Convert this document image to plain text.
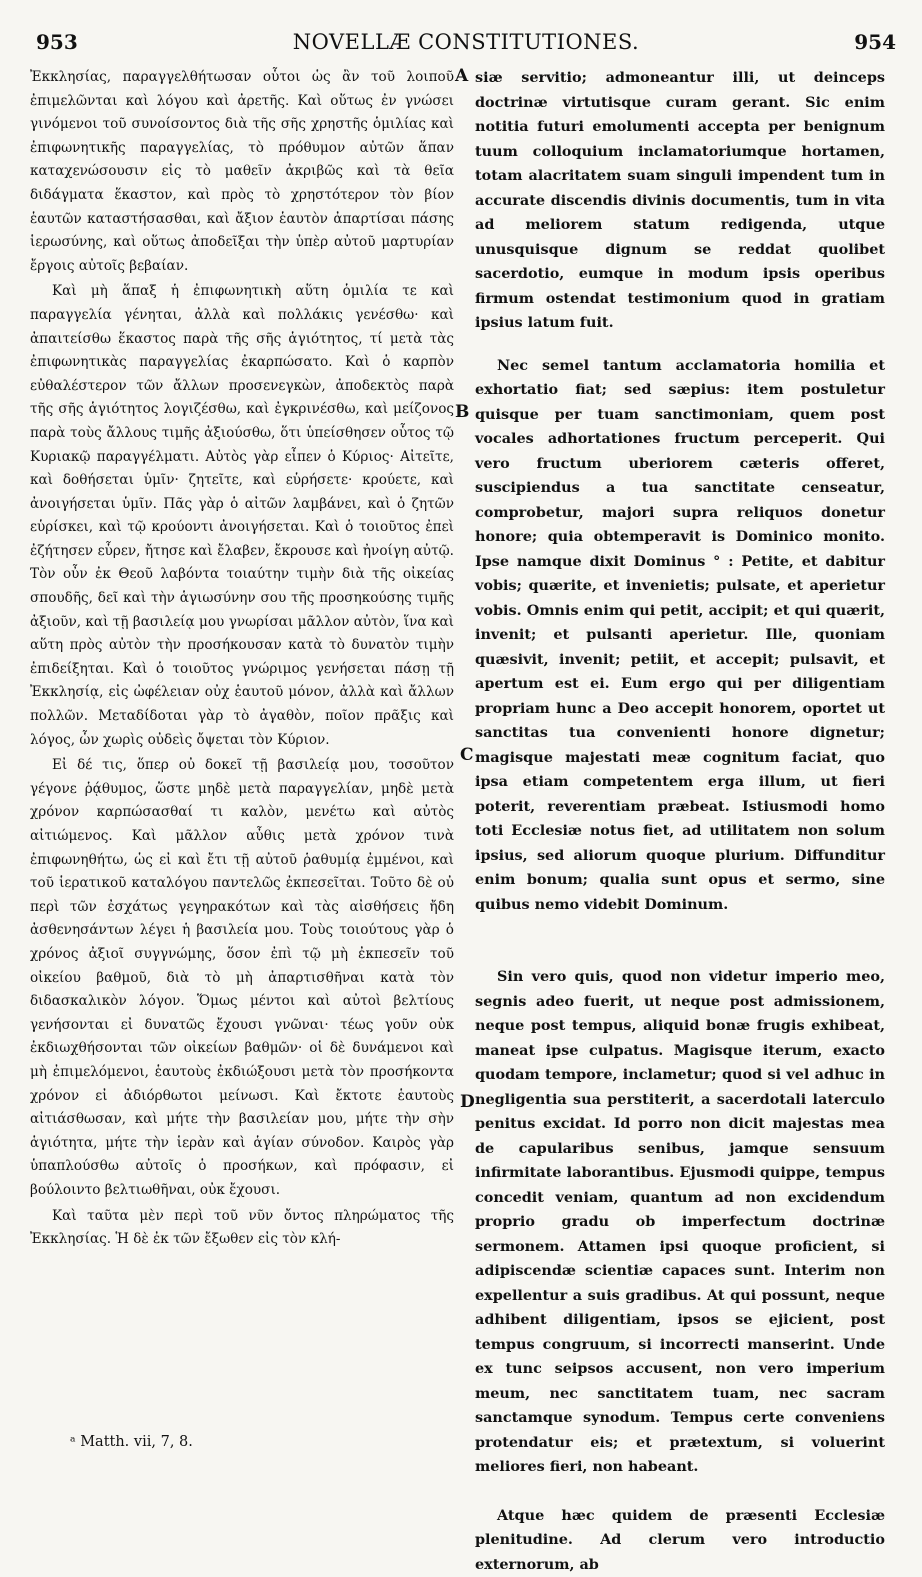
953	NOVELLÆ CONSTITUTIONES.	954

Ἐκκλησίας, παραγγελθήτωσαν οὗτοι ὡς ἂν τοῦ λοιποῦ ἐπιμελῶνται καὶ λόγου καὶ ἀρετῆς. Καὶ οὕτως ἐν γνώσει γινόμενοι τοῦ συνοίσοντος διὰ τῆς σῆς χρηστῆς ὁμιλίας καὶ ἐπιφωνητικῆς παραγγελίας, τὸ πρόθυμον αὐτῶν ἅπαν καταχενώσουσιν εἰς τὸ μαθεῖν ἀκριβῶς καὶ τὰ θεῖα διδάγματα ἕκαστον, καὶ πρὸς τὸ χρηστότερον τὸν βίον ἑαυτῶν καταστήσασθαι, καὶ ἄξιον ἑαυτὸν ἀπαρτίσαι πάσης ἱερωσύνης, καὶ οὕτως ἀποδεῖξαι τὴν ὑπὲρ αὐτοῦ μαρτυρίαν ἔργοις αὐτοῖς βεβαίαν.

Καὶ μὴ ἅπαξ ἡ ἐπιφωνητικὴ αὕτη ὁμιλία τε καὶ παραγγελία γένηται, ἀλλὰ καὶ πολλάκις γενέσθω· καὶ ἀπαιτείσθω ἕκαστος παρὰ τῆς σῆς ἁγιότητος, τί μετὰ τὰς ἐπιφωνητικὰς παραγγελίας ἐκαρπώσατο. Καὶ ὁ καρπὸν εὐθαλέστερον τῶν ἄλλων προσενεγκὼν, ἀποδεκτὸς παρὰ τῆς σῆς ἁγιότητος λογιζέσθω, καὶ ἐγκρινέσθω, καὶ μείζονος παρὰ τοὺς ἄλλους τιμῆς ἀξιούσθω, ὅτι ὑπείσθησεν οὗτος τῷ Κυριακῷ παραγγέλματι. Αὐτὸς γὰρ εἶπεν ὁ Κύριος· Αἰτεῖτε, καὶ δοθήσεται ὑμῖν· ζητεῖτε, καὶ εὑρήσετε· κρούετε, καὶ ἀνοιγήσεται ὑμῖν. Πᾶς γὰρ ὁ αἰτῶν λαμβάνει, καὶ ὁ ζητῶν εὑρίσκει, καὶ τῷ κρούοντι ἀνοιγήσεται. Καὶ ὁ τοιοῦτος ἐπεὶ ἐζήτησεν εὗρεν, ἤτησε καὶ ἔλαβεν, ἔκρουσε καὶ ἠνοίγη αὐτῷ. Τὸν οὖν ἐκ Θεοῦ λαβόντα τοιαύτην τιμὴν διὰ τῆς οἰκείας σπουδῆς, δεῖ καὶ τὴν ἁγιωσύνην σου τῆς προσηκούσης τιμῆς ἀξιοῦν, καὶ τῇ βασιλείᾳ μου γνωρίσαι μᾶλλον αὐτὸν, ἵνα καὶ αὕτη πρὸς αὐτὸν τὴν προσήκουσαν κατὰ τὸ δυνατὸν τιμὴν ἐπιδείξηται. Καὶ ὁ τοιοῦτος γνώριμος γενήσεται πάσῃ τῇ Ἐκκλησίᾳ, εἰς ὠφέλειαν οὐχ ἑαυτοῦ μόνον, ἀλλὰ καὶ ἄλλων πολλῶν. Μεταδίδοται γὰρ τὸ ἀγαθὸν, ποῖον πρᾶξις καὶ λόγος, ὧν χωρὶς οὐδεὶς ὄψεται τὸν Κύριον.

Εἰ δέ τις, ὅπερ οὐ δοκεῖ τῇ βασιλείᾳ μου, τοσοῦτον γέγονε ῥᾴθυμος, ὥστε μηδὲ μετὰ παραγγελίαν, μηδὲ μετὰ χρόνον καρπώσασθαί τι καλὸν, μενέτω καὶ αὐτὸς αἰτιώμενος. Καὶ μᾶλλον αὖθις μετὰ χρόνον τινὰ ἐπιφωνηθήτω, ὡς εἰ καὶ ἔτι τῇ αὐτοῦ ῥαθυμίᾳ ἐμμένοι, καὶ τοῦ ἱερατικοῦ καταλόγου παντελῶς ἐκπεσεῖται. Τοῦτο δὲ οὐ περὶ τῶν ἐσχάτως γεγηρακότων καὶ τὰς αἰσθήσεις ἤδη ἀσθενησάντων λέγει ἡ βασιλεία μου. Τοὺς τοιούτους γὰρ ὁ χρόνος ἀξιοῖ συγγνώμης, ὅσον ἐπὶ τῷ μὴ ἐκπεσεῖν τοῦ οἰκείου βαθμοῦ, διὰ τὸ μὴ ἀπαρτισθῆναι κατὰ τὸν διδασκαλικὸν λόγον. Ὅμως μέντοι καὶ αὐτοὶ βελτίους γενήσονται εἰ δυνατῶς ἔχουσι γνῶναι· τέως γοῦν οὐκ ἐκδιωχθήσονται τῶν οἰκείων βαθμῶν· οἱ δὲ δυνάμενοι καὶ μὴ ἐπιμελόμενοι, ἑαυτοὺς ἐκδιώξουσι μετὰ τὸν προσήκοντα χρόνον εἰ ἀδιόρθωτοι μείνωσι. Καὶ ἔκτοτε ἑαυτοὺς αἰτιάσθωσαν, καὶ μήτε τὴν βασιλείαν μου, μήτε τὴν σὴν ἁγιότητα, μήτε τὴν ἱερὰν καὶ ἁγίαν σύνοδον. Καιρὸς γὰρ ὑπαπλούσθω αὐτοῖς ὁ προσήκων, καὶ πρόφασιν, εἰ βούλοιντο βελτιωθῆναι, οὐκ ἔχουσι.

Καὶ ταῦτα μὲν περὶ τοῦ νῦν ὄντος πληρώματος τῆς Ἐκκλησίας. Ἡ δὲ ἐκ τῶν ἔξωθεν εἰς τὸν κλή-

A
B
C
D

siæ servitio; admoneantur illi, ut deinceps doctrinæ virtutisque curam gerant. Sic enim notitia futuri emolumenti accepta per benignum tuum colloquium inclamatoriumque hortamen, totam alacritatem suam singuli impendent tum in accurate discendis divinis documentis, tum in vita ad meliorem statum redigenda, utque unusquisque dignum se reddat quolibet sacerdotio, eumque in modum ipsis operibus firmum ostendat testimonium quod in gratiam ipsius latum fuit.

Nec semel tantum acclamatoria homilia et exhortatio fiat; sed sæpius: item postuletur quisque per tuam sanctimoniam, quem post vocales adhortationes fructum perceperit. Qui vero fructum uberiorem cæteris offeret, suscipiendus a tua sanctitate censeatur, comprobetur, majori supra reliquos donetur honore; quia obtemperavit is Dominico monito. Ipse namque dixit Dominus ° : Petite, et dabitur vobis; quærite, et invenietis; pulsate, et aperietur vobis. Omnis enim qui petit, accipit; et qui quærit, invenit; et pulsanti aperietur. Ille, quoniam quæsivit, invenit; petiit, et accepit; pulsavit, et apertum est ei. Eum ergo qui per diligentiam propriam hunc a Deo accepit honorem, oportet ut sanctitas tua convenienti honore dignetur; magisque majestati meæ cognitum faciat, quo ipsa etiam competentem erga illum, ut fieri poterit, reverentiam præbeat. Istiusmodi homo toti Ecclesiæ notus fiet, ad utilitatem non solum ipsius, sed aliorum quoque plurium. Diffunditur enim bonum; qualia sunt opus et sermo, sine quibus nemo videbit Dominum.

Sin vero quis, quod non videtur imperio meo, segnis adeo fuerit, ut neque post admissionem, neque post tempus, aliquid bonæ frugis exhibeat, maneat ipse culpatus. Magisque iterum, exacto quodam tempore, inclametur; quod si vel adhuc in negligentia sua perstiterit, a sacerdotali laterculo penitus excidat. Id porro non dicit majestas mea de capularibus senibus, jamque sensuum infirmitate laborantibus. Ejusmodi quippe, tempus concedit veniam, quantum ad non excidendum proprio gradu ob imperfectum doctrinæ sermonem. Attamen ipsi quoque proficient, si adipiscendæ scientiæ capaces sunt. Interim non expellentur a suis gradibus. At qui possunt, neque adhibent diligentiam, ipsos se ejicient, post tempus congruum, si incorrecti manserint. Unde ex tunc seipsos accusent, non vero imperium meum, nec sanctitatem tuam, nec sacram sanctamque synodum. Tempus certe conveniens protendatur eis; et prætextum, si voluerint meliores fieri, non habeant.

Atque hæc quidem de præsenti Ecclesiæ plenitudine. Ad clerum vero introductio externorum, ab

ᵃ Matth. vii, 7, 8.
